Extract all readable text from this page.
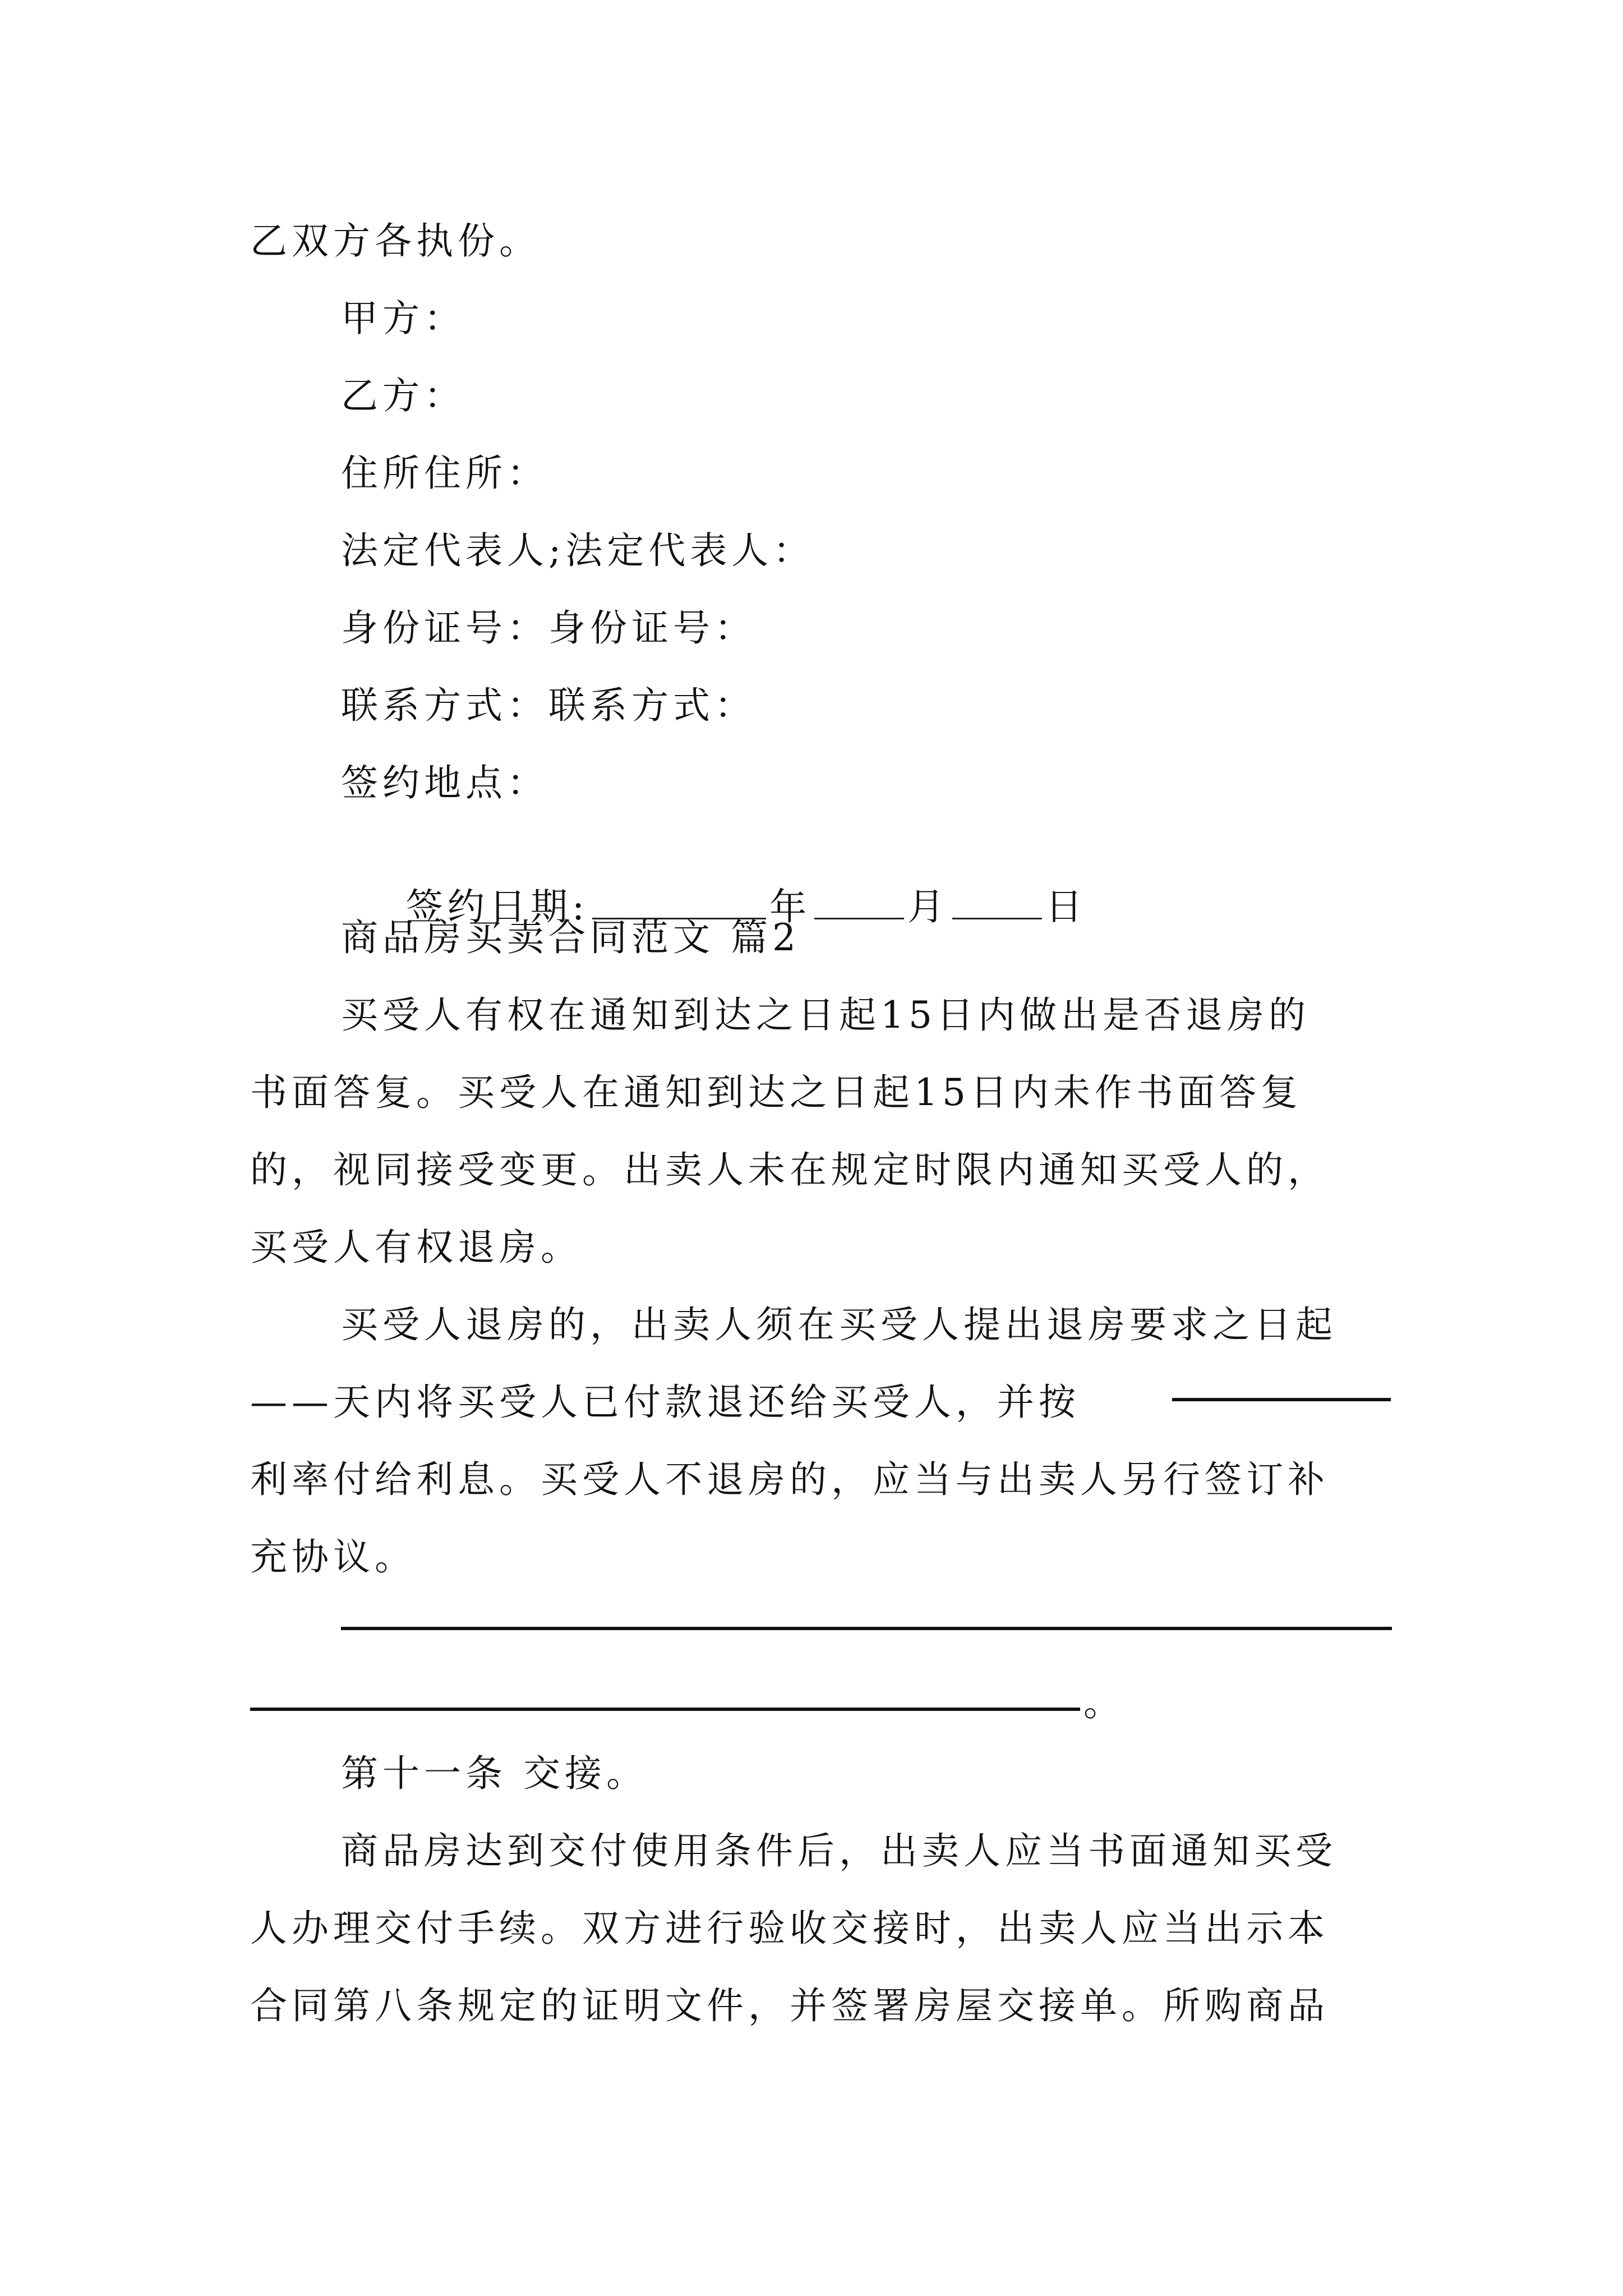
乙双方各执份。
甲方：
乙方：
住所住所：
法定代表人;法定代表人：
身份证号：身份证号：
联系方式：联系方式：
签约地点：

签约日期:	年	月	日

商品房买卖合同范文 篇2
买受人有权在通知到达之日起15日内做出是否退房的
书面答复。买受人在通知到达之日起15日内未作书面答复
的，视同接受变更。出卖人未在规定时限内通知买受人的，
买受人有权退房。
买受人退房的，出卖人须在买受人提出退房要求之日起
——天内将买受人已付款退还给买受人，并按
利率付给利息。买受人不退房的，应当与出卖人另行签订补
充协议。
。
第十一条 交接。
商品房达到交付使用条件后，出卖人应当书面通知买受
人办理交付手续。双方进行验收交接时，出卖人应当出示本
合同第八条规定的证明文件，并签署房屋交接单。所购商品
